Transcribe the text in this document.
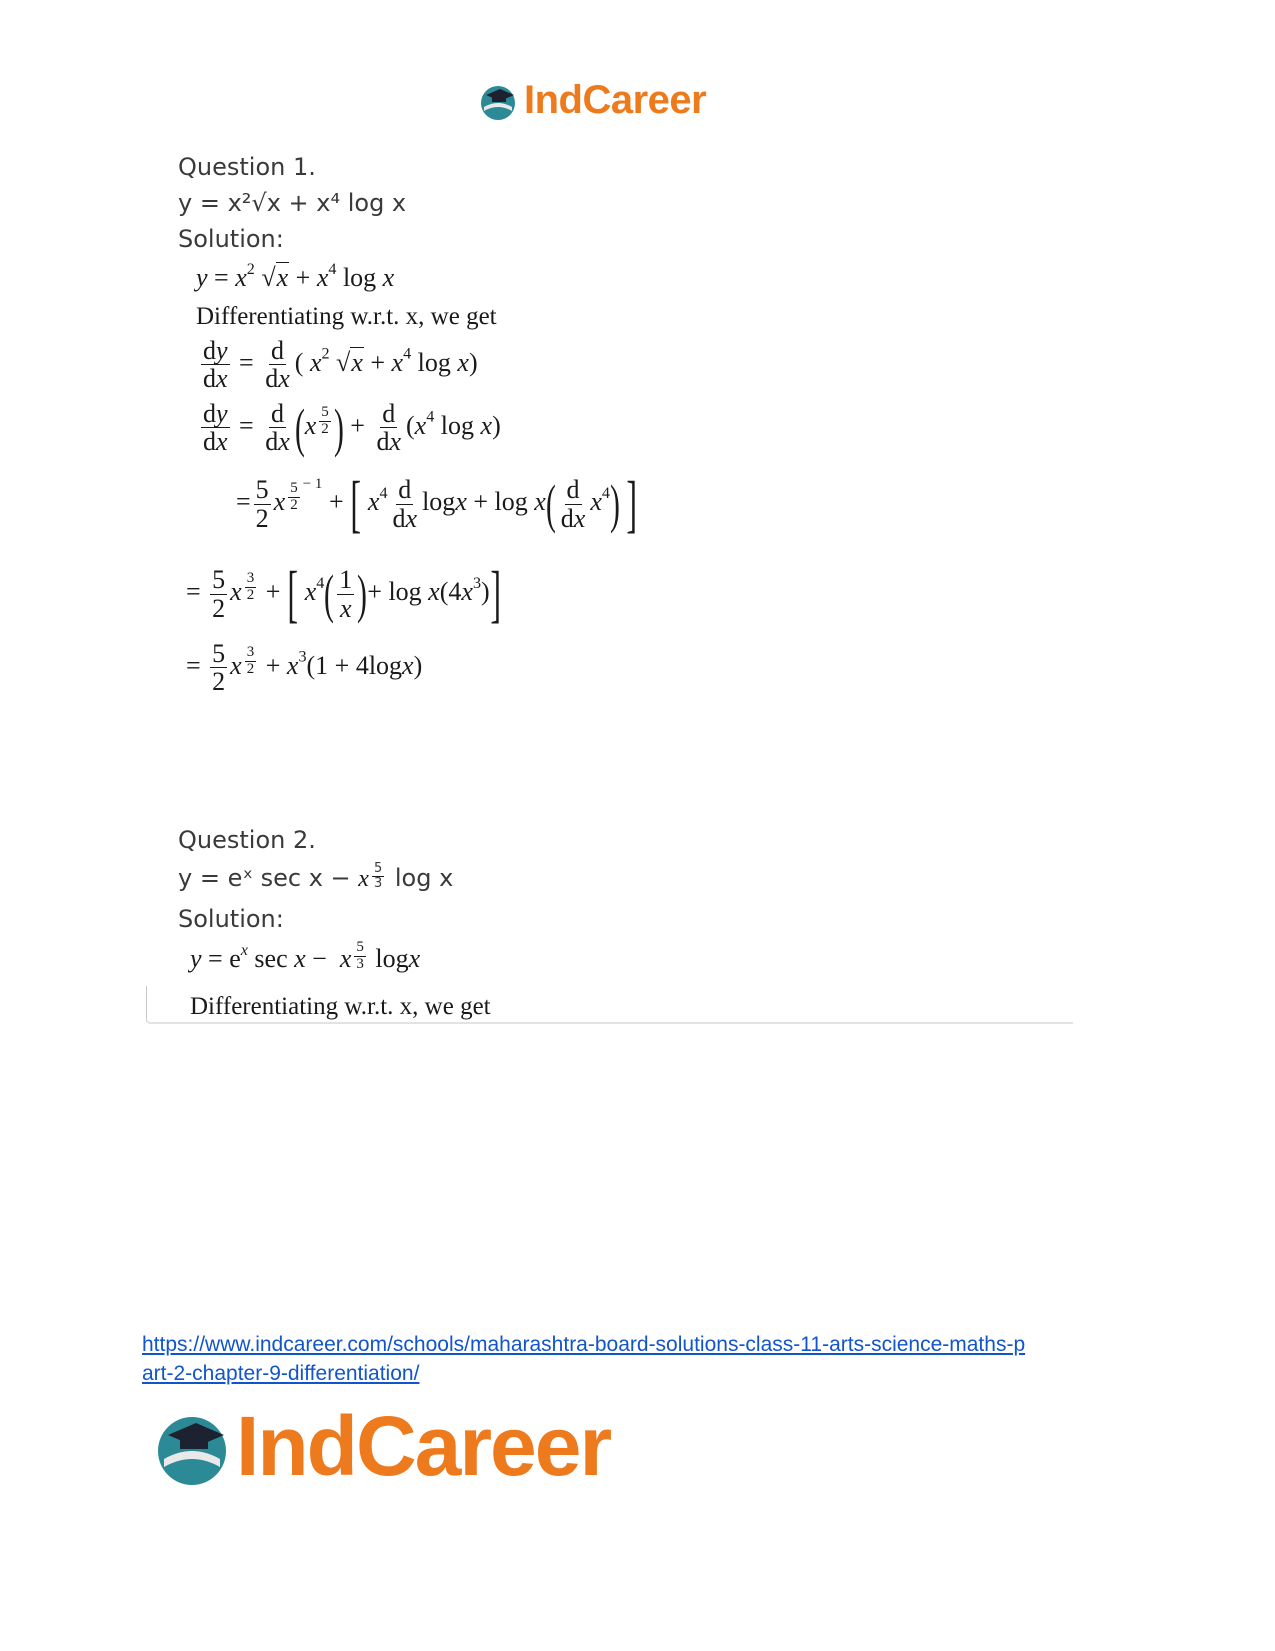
IndCareer
Question 1.
y = x²√x + x⁴ log x
Solution:
$y = x^2$ $√x + x^4$ log x
Differentiating w.r.t. x, we get
$\frac{dy}{dx} = \frac{d}{dx}$ ( $x^2$ $√x + x^4$ log x)
$\frac{dy}{dx} = \frac{d}{dx} (x \frac{5}{2}$ ) + $\frac{d}{dx} (x^4$ log x)
= $\frac{5}{2}$ x $\frac{5}{2} ^{- 1}$ + [ $x^4 \frac{d}{dx}$ $\log x + \log x( \frac{d}{dx} x^4)$ ]
= $\frac{5}{2}$ x $\frac{3}{2}$ + [ $x^4( \frac{1}{x}$ )+ $\log x(4x^3)$]
= $\frac{5}{2}$ x $\frac{3}{2} + x^3(1 + 4\log x)$
Question 2.
y = eˣ sec x − x $\frac{5}{3}$ log x
Solution:
$y = e^x$ sec x −  x $\frac{5}{3}$ logx
Differentiating w.r.t. x, we get
https://www.indcareer.com/schools/maharashtra-board-solutions-class-11-arts-science-maths-p
art-2-chapter-9-differentiation/
IndCareer
